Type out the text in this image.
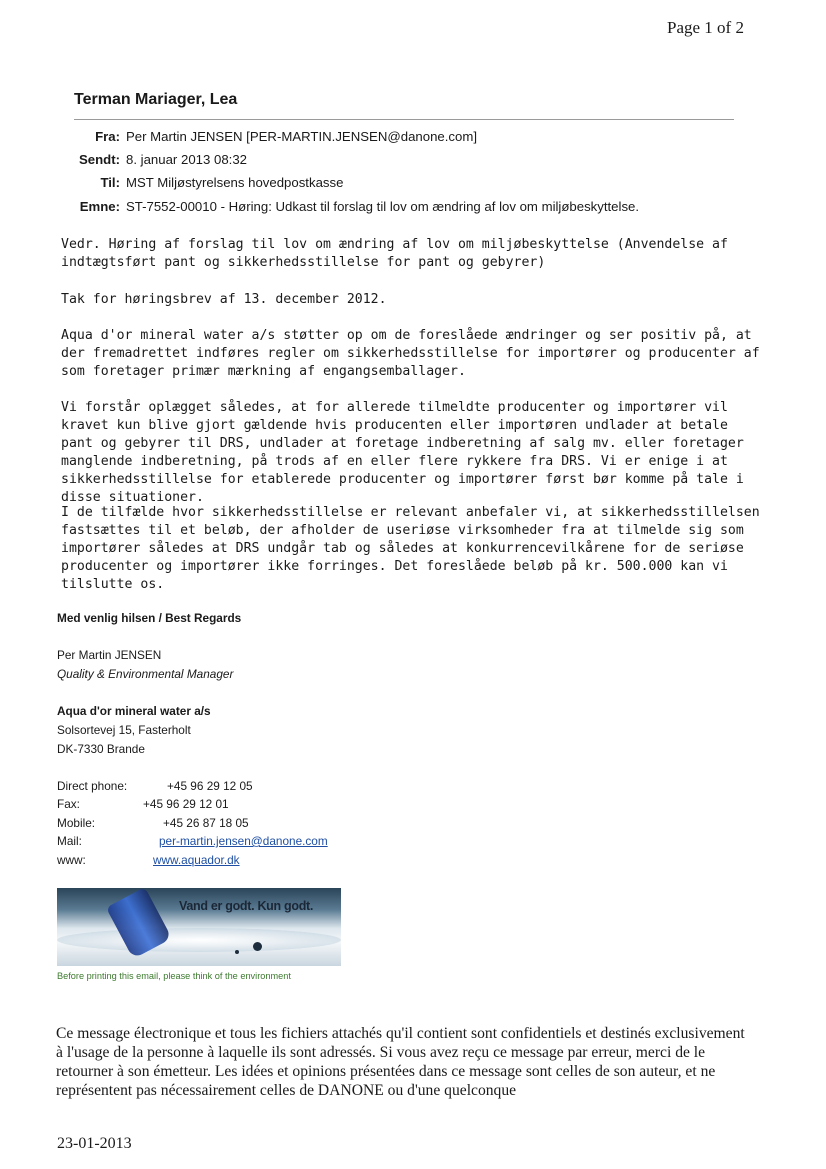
Page 1 of 2
Terman Mariager, Lea
Fra: Per Martin JENSEN [PER-MARTIN.JENSEN@danone.com]
Sendt: 8. januar 2013 08:32
Til: MST Miljøstyrelsens hovedpostkasse
Emne: ST-7552-00010 - Høring: Udkast til forslag til lov om ændring af lov om miljøbeskyttelse.
Vedr. Høring af forslag til lov om ændring af lov om miljøbeskyttelse (Anvendelse af indtægtsført pant og sikkerhedsstillelse for pant og gebyrer)
Tak for høringsbrev af 13. december 2012.
Aqua d'or mineral water a/s støtter op om de foreslåede ændringer og ser positiv på, at der fremadrettet indføres regler om sikkerhedsstillelse for importører og producenter af som foretager primær mærkning af engangsemballager.
Vi forstår oplægget således, at for allerede tilmeldte producenter og importører vil kravet kun blive gjort gældende hvis producenten eller importøren undlader at betale pant og gebyrer til DRS, undlader at foretage indberetning af salg mv. eller foretager manglende indberetning, på trods af en eller flere rykkere fra DRS. Vi er enige i at sikkerhedsstillelse for etablerede producenter og importører først bør komme på tale i disse situationer.
I de tilfælde hvor sikkerhedsstillelse er relevant anbefaler vi, at sikkerhedsstillelsen fastsættes til et beløb, der afholder de useriøse virksomheder fra at tilmelde sig som importører således at DRS undgår tab og således at konkurrencevilkårene for de seriøse producenter og importører ikke forringes. Det foreslåede beløb på kr. 500.000 kan vi tilslutte os.
Med venlig hilsen / Best Regards
Per Martin JENSEN
Quality & Environmental Manager
Aqua d'or mineral water a/s
Solsortevej 15, Fasterholt
DK-7330 Brande
Direct phone:	+45 96 29 12 05
Fax:	+45 96 29 12 01
Mobile:	+45 26 87 18 05
Mail:	per-martin.jensen@danone.com
www:	www.aquador.dk
Vand er godt. Kun godt.
Before printing this email, please think of the environment
Ce message électronique et tous les fichiers attachés qu'il contient sont confidentiels et destinés exclusivement à l'usage de la personne à laquelle ils sont adressés. Si vous avez reçu ce message par erreur, merci de le retourner à son émetteur. Les idées et opinions présentées dans ce message sont celles de son auteur, et ne représentent pas nécessairement celles de DANONE ou d'une quelconque
23-01-2013
